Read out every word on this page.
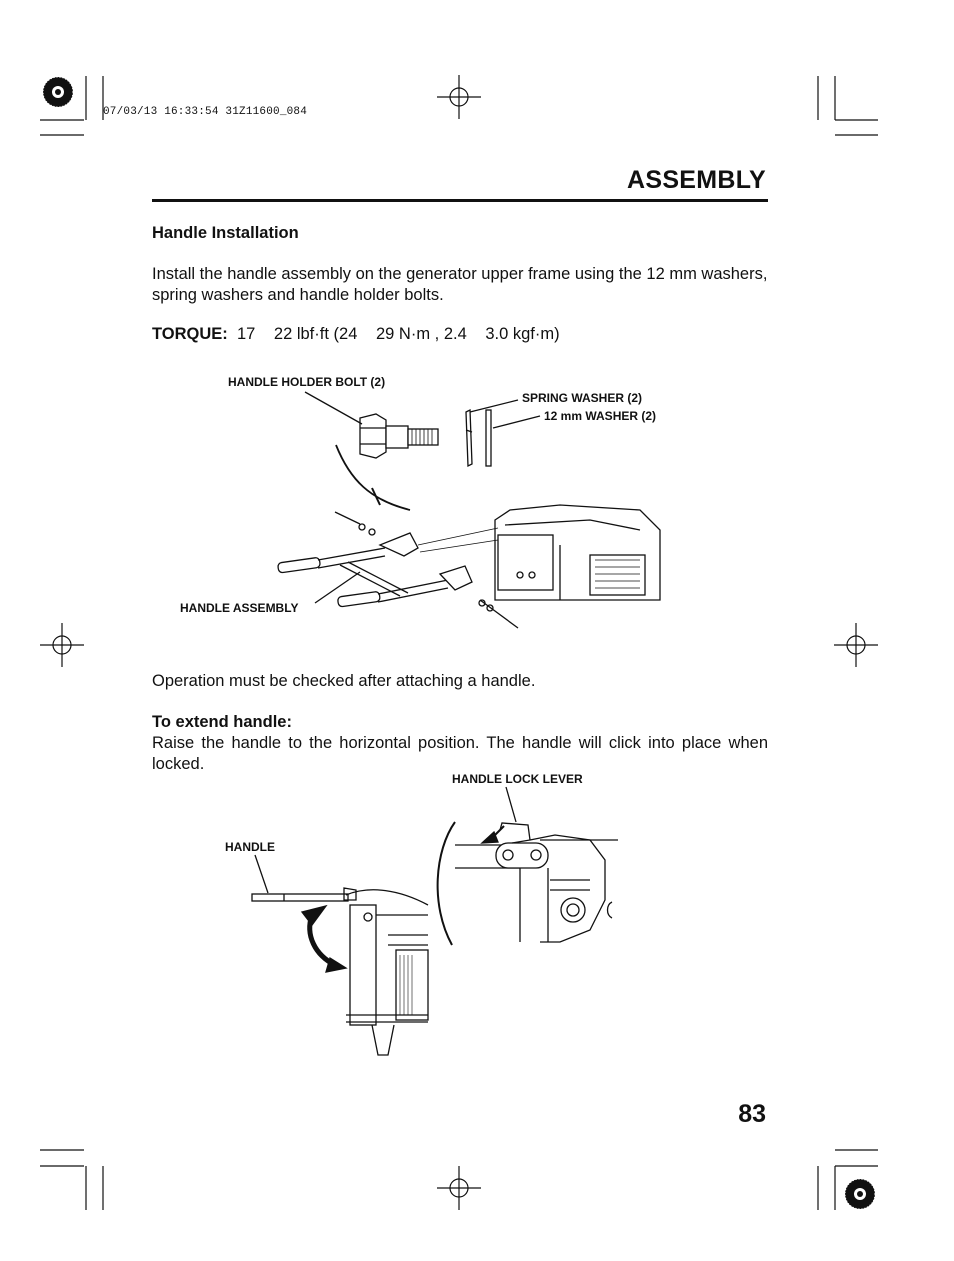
07/03/13 16:33:54 31Z11600_084
ASSEMBLY
Handle Installation
Install the handle assembly on the generator upper frame using the 12 mm washers, spring washers and handle holder bolts.
TORQUE: 17 22 lbf·ft (24 29 N·m , 2.4 3.0 kgf·m)
HANDLE HOLDER BOLT (2)
SPRING WASHER (2)
12 mm WASHER (2)
HANDLE ASSEMBLY
Operation must be checked after attaching a handle.
To extend handle:
Raise the handle to the horizontal position. The handle will click into place when locked.
HANDLE LOCK LEVER
HANDLE
83
